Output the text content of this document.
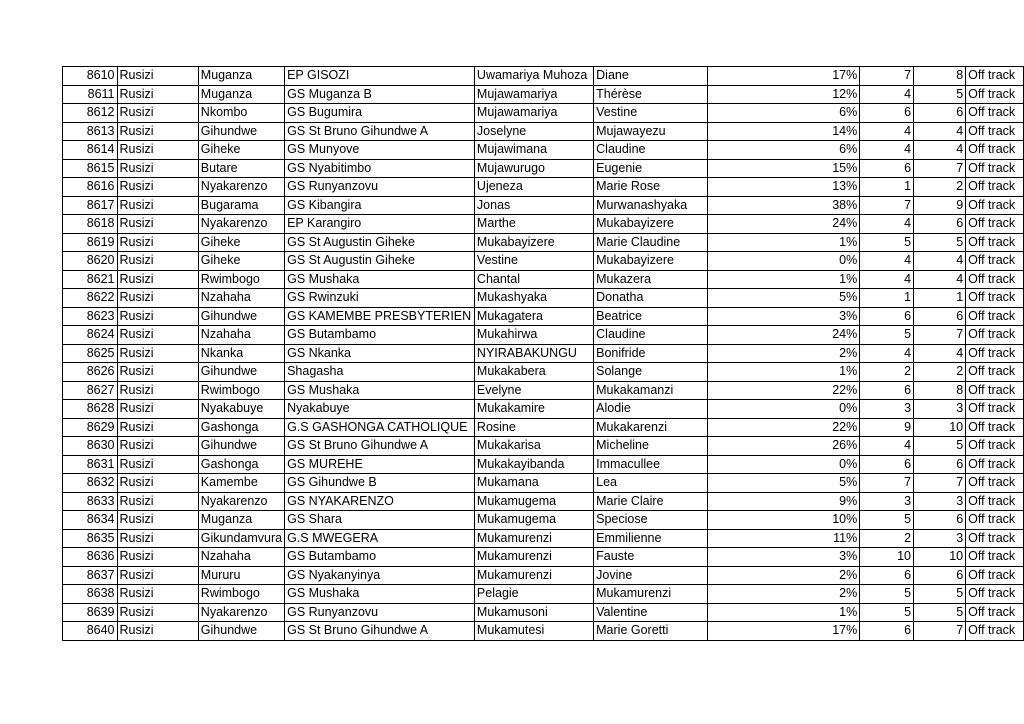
8610	Rusizi	Muganza	EP GISOZI	Uwamariya Muhoza	Diane	17%	7	8	Off track
8611	Rusizi	Muganza	GS Muganza B	Mujawamariya	Thérèse	12%	4	5	Off track
8612	Rusizi	Nkombo	GS Bugumira	Mujawamariya	Vestine	6%	6	6	Off track
8613	Rusizi	Gihundwe	GS St Bruno Gihundwe A	Joselyne	Mujawayezu	14%	4	4	Off track
8614	Rusizi	Giheke	GS Munyove	Mujawimana	Claudine	6%	4	4	Off track
8615	Rusizi	Butare	GS Nyabitimbo	Mujawurugo	Eugenie	15%	6	7	Off track
8616	Rusizi	Nyakarenzo	GS Runyanzovu	Ujeneza	Marie Rose	13%	1	2	Off track
8617	Rusizi	Bugarama	GS Kibangira	Jonas	Murwanashyaka	38%	7	9	Off track
8618	Rusizi	Nyakarenzo	EP Karangiro	Marthe	Mukabayizere	24%	4	6	Off track
8619	Rusizi	Giheke	GS St Augustin Giheke	Mukabayizere	Marie Claudine	1%	5	5	Off track
8620	Rusizi	Giheke	GS St Augustin Giheke	Vestine	Mukabayizere	0%	4	4	Off track
8621	Rusizi	Rwimbogo	GS Mushaka	Chantal	Mukazera	1%	4	4	Off track
8622	Rusizi	Nzahaha	GS Rwinzuki	Mukashyaka	Donatha	5%	1	1	Off track
8623	Rusizi	Gihundwe	GS KAMEMBE PRESBYTERIEN	Mukagatera	Beatrice	3%	6	6	Off track
8624	Rusizi	Nzahaha	GS Butambamo	Mukahirwa	Claudine	24%	5	7	Off track
8625	Rusizi	Nkanka	GS Nkanka	NYIRABAKUNGU	Bonifride	2%	4	4	Off track
8626	Rusizi	Gihundwe	Shagasha	Mukakabera	Solange	1%	2	2	Off track
8627	Rusizi	Rwimbogo	GS Mushaka	Evelyne	Mukakamanzi	22%	6	8	Off track
8628	Rusizi	Nyakabuye	Nyakabuye	Mukakamire	Alodie	0%	3	3	Off track
8629	Rusizi	Gashonga	G.S GASHONGA CATHOLIQUE	Rosine	Mukakarenzi	22%	9	10	Off track
8630	Rusizi	Gihundwe	GS St Bruno Gihundwe A	Mukakarisa	Micheline	26%	4	5	Off track
8631	Rusizi	Gashonga	GS MUREHE	Mukakayibanda	Immacullee	0%	6	6	Off track
8632	Rusizi	Kamembe	GS Gihundwe B	Mukamana	Lea	5%	7	7	Off track
8633	Rusizi	Nyakarenzo	GS NYAKARENZO	Mukamugema	Marie Claire	9%	3	3	Off track
8634	Rusizi	Muganza	GS Shara	Mukamugema	Speciose	10%	5	6	Off track
8635	Rusizi	Gikundamvura	G.S MWEGERA	Mukamurenzi	Emmilienne	11%	2	3	Off track
8636	Rusizi	Nzahaha	GS Butambamo	Mukamurenzi	Fauste	3%	10	10	Off track
8637	Rusizi	Mururu	GS Nyakanyinya	Mukamurenzi	Jovine	2%	6	6	Off track
8638	Rusizi	Rwimbogo	GS Mushaka	Pelagie	Mukamurenzi	2%	5	5	Off track
8639	Rusizi	Nyakarenzo	GS Runyanzovu	Mukamusoni	Valentine	1%	5	5	Off track
8640	Rusizi	Gihundwe	GS St Bruno Gihundwe A	Mukamutesi	Marie Goretti	17%	6	7	Off track
